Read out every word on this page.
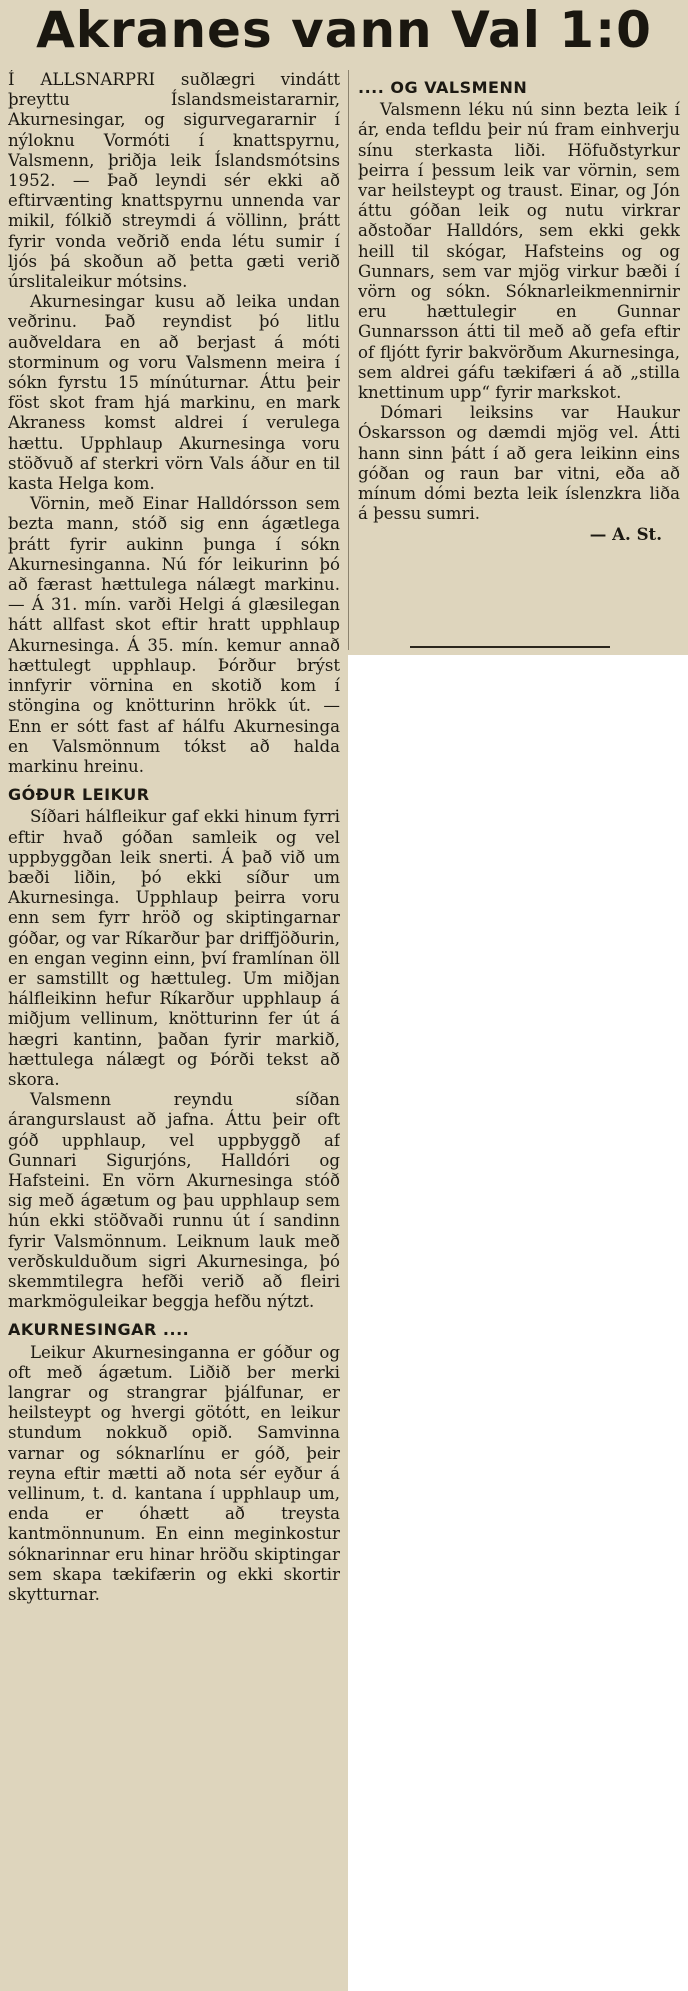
Akranes vann Val 1:0

Í ALLSNARPRI suðlægri vindátt þreyttu Íslandsmeistararnir, Akurnesingar, og sigurvegararnir í nýloknu Vormóti í knattspyrnu, Valsmenn, þriðja leik Íslandsmótsins 1952. — Það leyndi sér ekki að eftirvænting knattspyrnu unnenda var mikil, fólkið streymdi á völlinn, þrátt fyrir vonda veðrið enda létu sumir í ljós þá skoðun að þetta gæti verið úrslitaleikur mótsins.

Akurnesingar kusu að leika undan veðrinu. Það reyndist þó litlu auðveldara en að berjast á móti storminum og voru Valsmenn meira í sókn fyrstu 15 mínúturnar. Áttu þeir föst skot fram hjá markinu, en mark Akraness komst aldrei í verulega hættu. Upphlaup Akurnesinga voru stöðvuð af sterkri vörn Vals áður en til kasta Helga kom.

Vörnin, með Einar Halldórsson sem bezta mann, stóð sig enn ágætlega þrátt fyrir aukinn þunga í sókn Akurnesinganna. Nú fór leikurinn þó að færast hættulega nálægt markinu. — Á 31. mín. varði Helgi á glæsilegan hátt allfast skot eftir hratt upphlaup Akurnesinga. Á 35. mín. kemur annað hættulegt upphlaup. Þórður brýst innfyrir vörnina en skotið kom í stöngina og knötturinn hrökk út. — Enn er sótt fast af hálfu Akurnesinga en Valsmönnum tókst að halda markinu hreinu.

GÓÐUR LEIKUR

Síðari hálfleikur gaf ekki hinum fyrri eftir hvað góðan samleik og vel uppbyggðan leik snerti. Á það við um bæði liðin, þó ekki síður um Akurnesinga. Upphlaup þeirra voru enn sem fyrr hröð og skiptingarnar góðar, og var Ríkarður þar driffjöðurin, en engan veginn einn, því framlínan öll er samstillt og hættuleg. Um miðjan hálfleikinn hefur Ríkarður upphlaup á miðjum vellinum, knötturinn fer út á hægri kantinn, þaðan fyrir markið, hættulega nálægt og Þórði tekst að skora.

Valsmenn reyndu síðan árangurslaust að jafna. Áttu þeir oft góð upphlaup, vel uppbyggð af Gunnari Sigurjóns, Halldóri og Hafsteini. En vörn Akurnesinga stóð sig með ágætum og þau upphlaup sem hún ekki stöðvaði runnu út í sandinn fyrir Valsmönnum. Leiknum lauk með verðskulduðum sigri Akurnesinga, þó skemmtilegra hefði verið að fleiri markmöguleikar beggja hefðu nýtzt.

AKURNESINGAR ....

Leikur Akurnesinganna er góður og oft með ágætum. Liðið ber merki langrar og strangrar þjálfunar, er heilsteypt og hvergi götótt, en leikur stundum nokkuð opið. Samvinna varnar og sóknarlínu er góð, þeir reyna eftir mætti að nota sér eyður á vellinum, t. d. kantana í upphlaup um, enda er óhætt að treysta kantmönnunum. En einn meginkostur sóknarinnar eru hinar hröðu skiptingar sem skapa tækifærin og ekki skortir skytturnar.

.... OG VALSMENN

Valsmenn léku nú sinn bezta leik í ár, enda tefldu þeir nú fram einhverju sínu sterkasta liði. Höfuðstyrkur þeirra í þessum leik var vörnin, sem var heilsteypt og traust. Einar, og Jón áttu góðan leik og nutu virkrar aðstoðar Halldórs, sem ekki gekk heill til skógar, Hafsteins og og Gunnars, sem var mjög virkur bæði í vörn og sókn. Sóknarleikmennirnir eru hættulegir en Gunnar Gunnarsson átti til með að gefa eftir of fljótt fyrir bakvörðum Akurnesinga, sem aldrei gáfu tækifæri á að „stilla knettinum upp“ fyrir markskot.

Dómari leiksins var Haukur Óskarsson og dæmdi mjög vel. Átti hann sinn þátt í að gera leikinn eins góðan og raun bar vitni, eða að mínum dómi bezta leik íslenzkra liða á þessu sumri.

— A. St.
